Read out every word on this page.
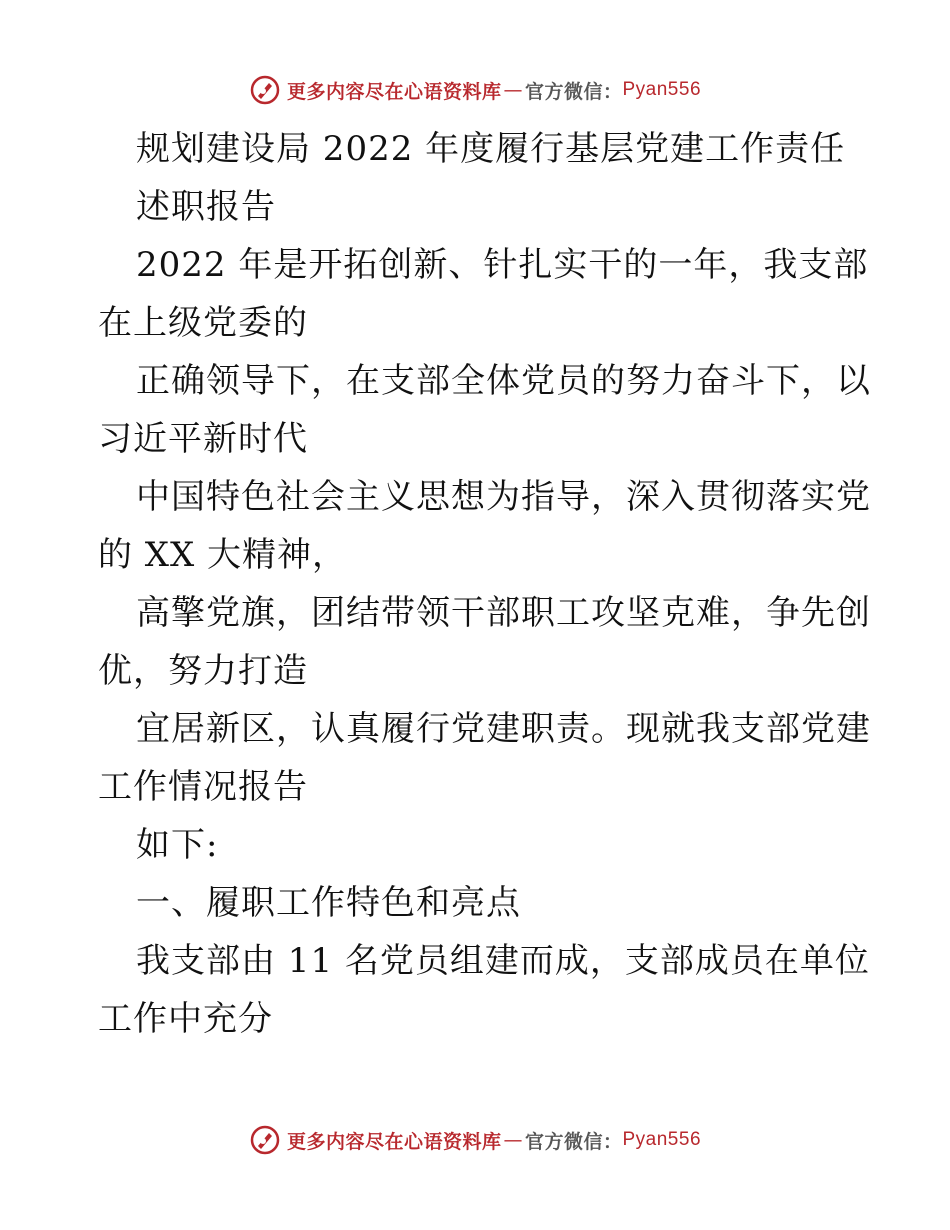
更多内容尽在心语资料库 — 官方微信： Pyan556
规划建设局 2022 年度履行基层党建工作责任
述职报告
2022 年是开拓创新、针扎实干的一年，我支部
在上级党委的
正确领导下，在支部全体党员的努力奋斗下，以
习近平新时代
中国特色社会主义思想为指导，深入贯彻落实党
的 XX 大精神，
高擎党旗，团结带领干部职工攻坚克难，争先创
优，努力打造
宜居新区，认真履行党建职责。现就我支部党建
工作情况报告
如下:
一、履职工作特色和亮点
我支部由 11 名党员组建而成，支部成员在单位
工作中充分
更多内容尽在心语资料库 — 官方微信： Pyan556
